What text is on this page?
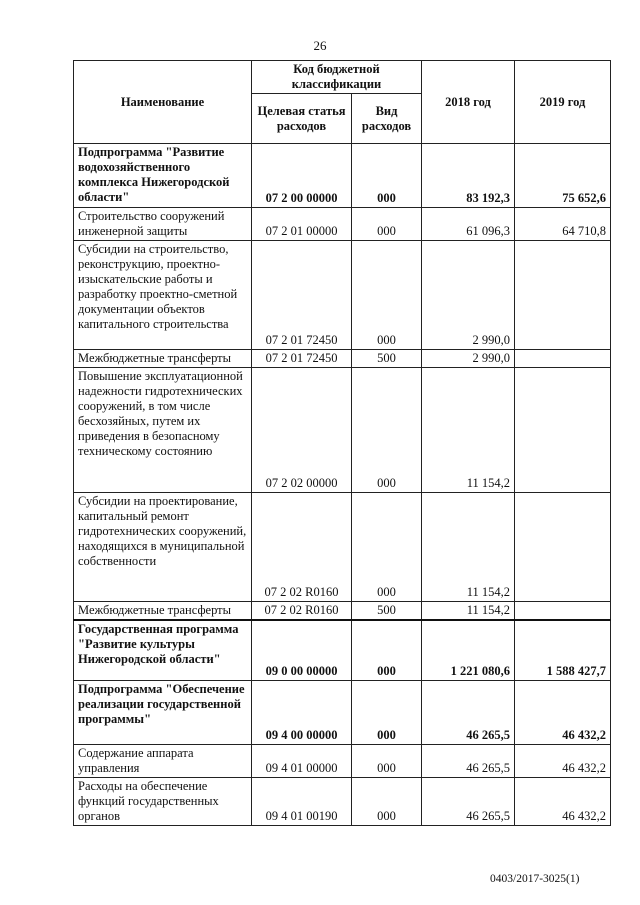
26
Наименование	Код бюджетной классификации		2018 год	2019 год
	Целевая статья расходов	Вид расходов		
Подпрограмма "Развитие водохозяйственного комплекса Нижегородской области"	07 2 00 00000	000	83 192,3	75 652,6
Строительство сооружений инженерной защиты	07 2 01 00000	000	61 096,3	64 710,8
Субсидии на строительство, реконструкцию, проектно-изыскательские работы и разработку проектно-сметной документации объектов капитального строительства	07 2 01 72450	000	2 990,0	
Межбюджетные трансферты	07 2 01 72450	500	2 990,0	
Повышение эксплуатационной надежности гидротехнических сооружений, в том числе бесхозяйных, путем их приведения в безопасному техническому состоянию	07 2 02 00000	000	11 154,2	
Субсидии на проектирование, капитальный ремонт гидротехнических сооружений, находящихся в муниципальной собственности	07 2 02 R0160	000	11 154,2	
Межбюджетные трансферты	07 2 02 R0160	500	11 154,2	
Государственная программа "Развитие культуры Нижегородской области"	09 0 00 00000	000	1 221 080,6	1 588 427,7
Подпрограмма "Обеспечение реализации государственной программы"	09 4 00 00000	000	46 265,5	46 432,2
Содержание аппарата управления	09 4 01 00000	000	46 265,5	46 432,2
Расходы на обеспечение функций государственных органов	09 4 01 00190	000	46 265,5	46 432,2
0403/2017-3025(1)
